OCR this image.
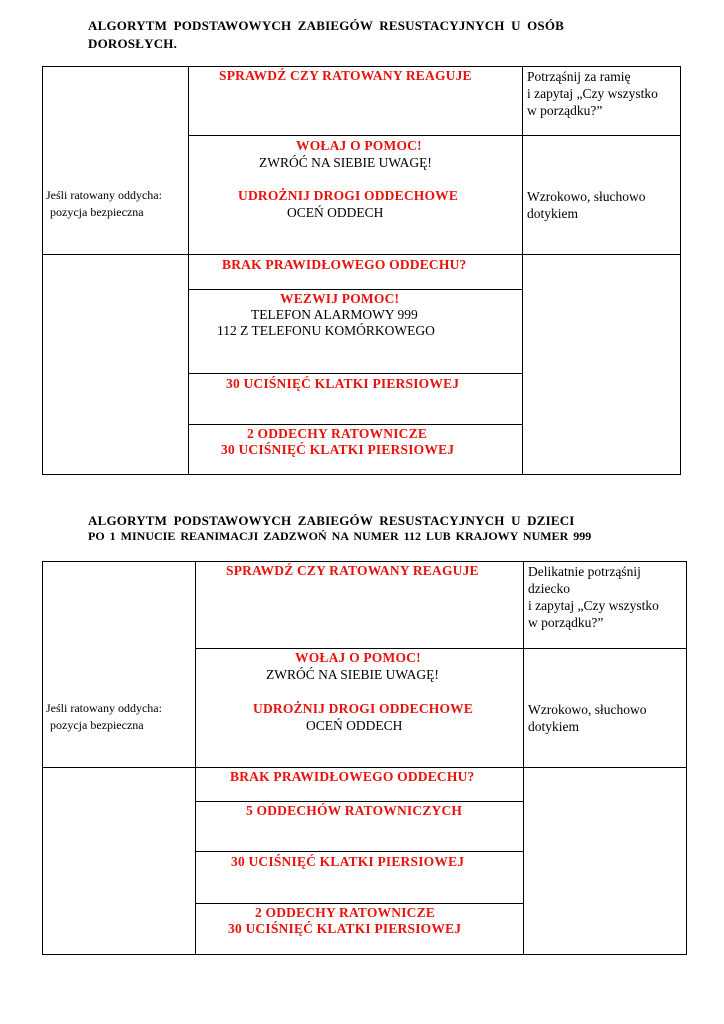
ALGORYTM PODSTAWOWYCH ZABIEGÓW RESUSTACYJNYCH U OSÓB
DOROSŁYCH.
SPRAWDŹ CZY RATOWANY REAGUJE	Potrząśnij za ramię
i zapytaj „Czy wszystko
w porządku?”
WOŁAJ O POMOC!
ZWRÓĆ NA SIEBIE UWAGĘ!
Jeśli ratowany oddycha:
pozycja bezpieczna
UDROŻNIJ DROGI ODDECHOWE
OCEŃ ODDECH
Wzrokowo, słuchowo
dotykiem
BRAK PRAWIDŁOWEGO ODDECHU?
WEZWIJ POMOC!
TELEFON ALARMOWY 999
112 Z TELEFONU KOMÓRKOWEGO
30 UCIŚNIĘĆ KLATKI PIERSIOWEJ
2 ODDECHY RATOWNICZE
30 UCIŚNIĘĆ KLATKI PIERSIOWEJ
ALGORYTM PODSTAWOWYCH ZABIEGÓW RESUSTACYJNYCH U DZIECI
PO 1 MINUCIE REANIMACJI ZADZWOŃ NA NUMER 112 LUB KRAJOWY NUMER 999
SPRAWDŹ CZY RATOWANY REAGUJE	Delikatnie potrząśnij
dziecko
i zapytaj „Czy wszystko
w porządku?”
WOŁAJ O POMOC!
ZWRÓĆ NA SIEBIE UWAGĘ!
Jeśli ratowany oddycha:
pozycja bezpieczna
UDROŻNIJ DROGI ODDECHOWE
OCEŃ ODDECH
Wzrokowo, słuchowo
dotykiem
BRAK PRAWIDŁOWEGO ODDECHU?
5 ODDECHÓW RATOWNICZYCH
30 UCIŚNIĘĆ KLATKI PIERSIOWEJ
2 ODDECHY RATOWNICZE
30 UCIŚNIĘĆ KLATKI PIERSIOWEJ
